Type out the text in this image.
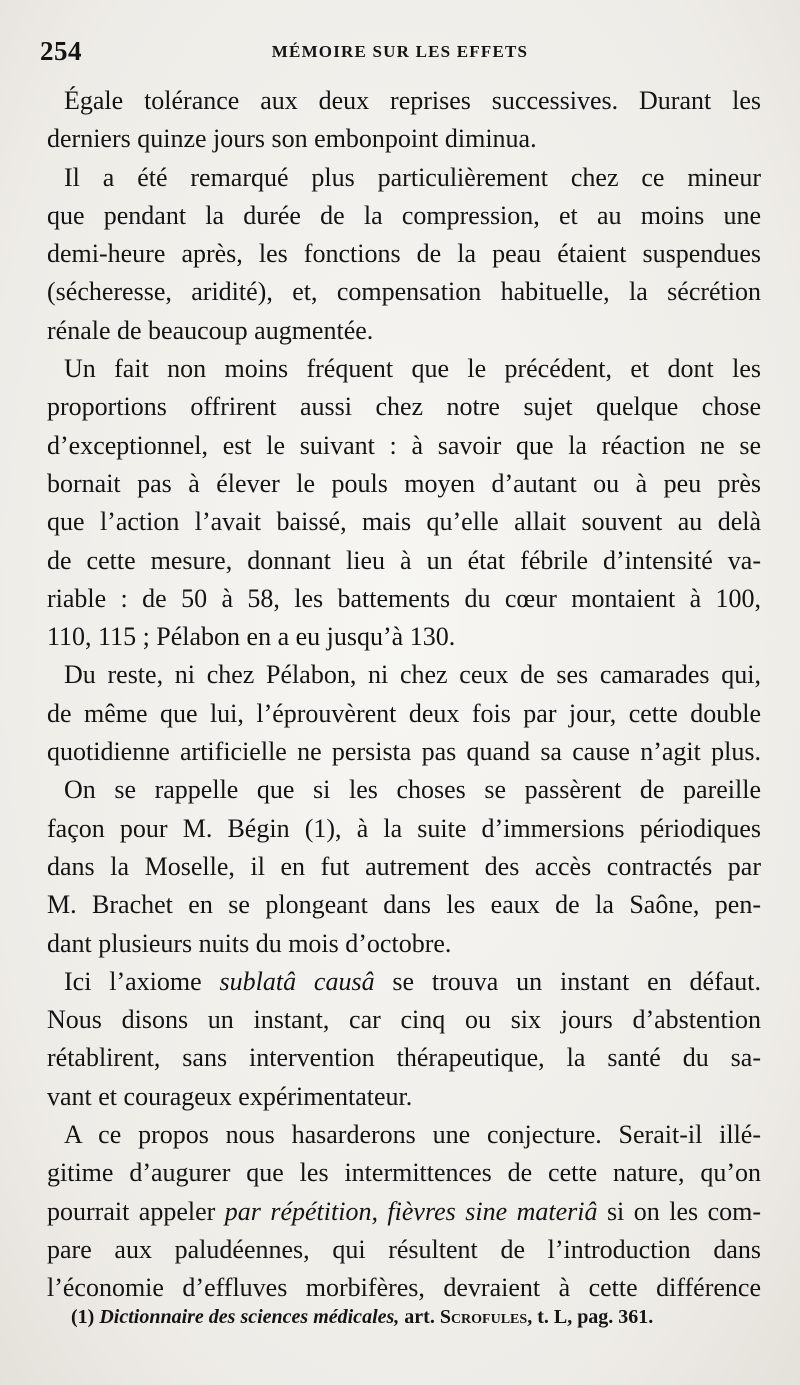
254	MÉMOIRE SUR LES EFFETS
Égale tolérance aux deux reprises successives. Durant les
derniers quinze jours son embonpoint diminua.
Il a été remarqué plus particulièrement chez ce mineur
que pendant la durée de la compression, et au moins une
demi-heure après, les fonctions de la peau étaient suspendues
(sécheresse, aridité), et, compensation habituelle, la sécrétion
rénale de beaucoup augmentée.
Un fait non moins fréquent que le précédent, et dont les
proportions offrirent aussi chez notre sujet quelque chose
d’exceptionnel, est le suivant : à savoir que la réaction ne se
bornait pas à élever le pouls moyen d’autant ou à peu près
que l’action l’avait baissé, mais qu’elle allait souvent au delà
de cette mesure, donnant lieu à un état fébrile d’intensité va-
riable : de 50 à 58, les battements du cœur montaient à 100,
110, 115 ; Pélabon en a eu jusqu’à 130.
Du reste, ni chez Pélabon, ni chez ceux de ses camarades qui,
de même que lui, l’éprouvèrent deux fois par jour, cette double
quotidienne artificielle ne persista pas quand sa cause n’agit plus.
On se rappelle que si les choses se passèrent de pareille
façon pour M. Bégin (1), à la suite d’immersions périodiques
dans la Moselle, il en fut autrement des accès contractés par
M. Brachet en se plongeant dans les eaux de la Saône, pen-
dant plusieurs nuits du mois d’octobre.
Ici l’axiome sublatâ causâ se trouva un instant en défaut.
Nous disons un instant, car cinq ou six jours d’abstention
rétablirent, sans intervention thérapeutique, la santé du sa-
vant et courageux expérimentateur.
A ce propos nous hasarderons une conjecture. Serait-il illé-
gitime d’augurer que les intermittences de cette nature, qu’on
pourrait appeler par répétition, fièvres sine materiâ si on les com-
pare aux paludéennes, qui résultent de l’introduction dans
l’économie d’effluves morbifères, devraient à cette différence
(1) Dictionnaire des sciences médicales, art. Scrofules, t. L, pag. 361.
